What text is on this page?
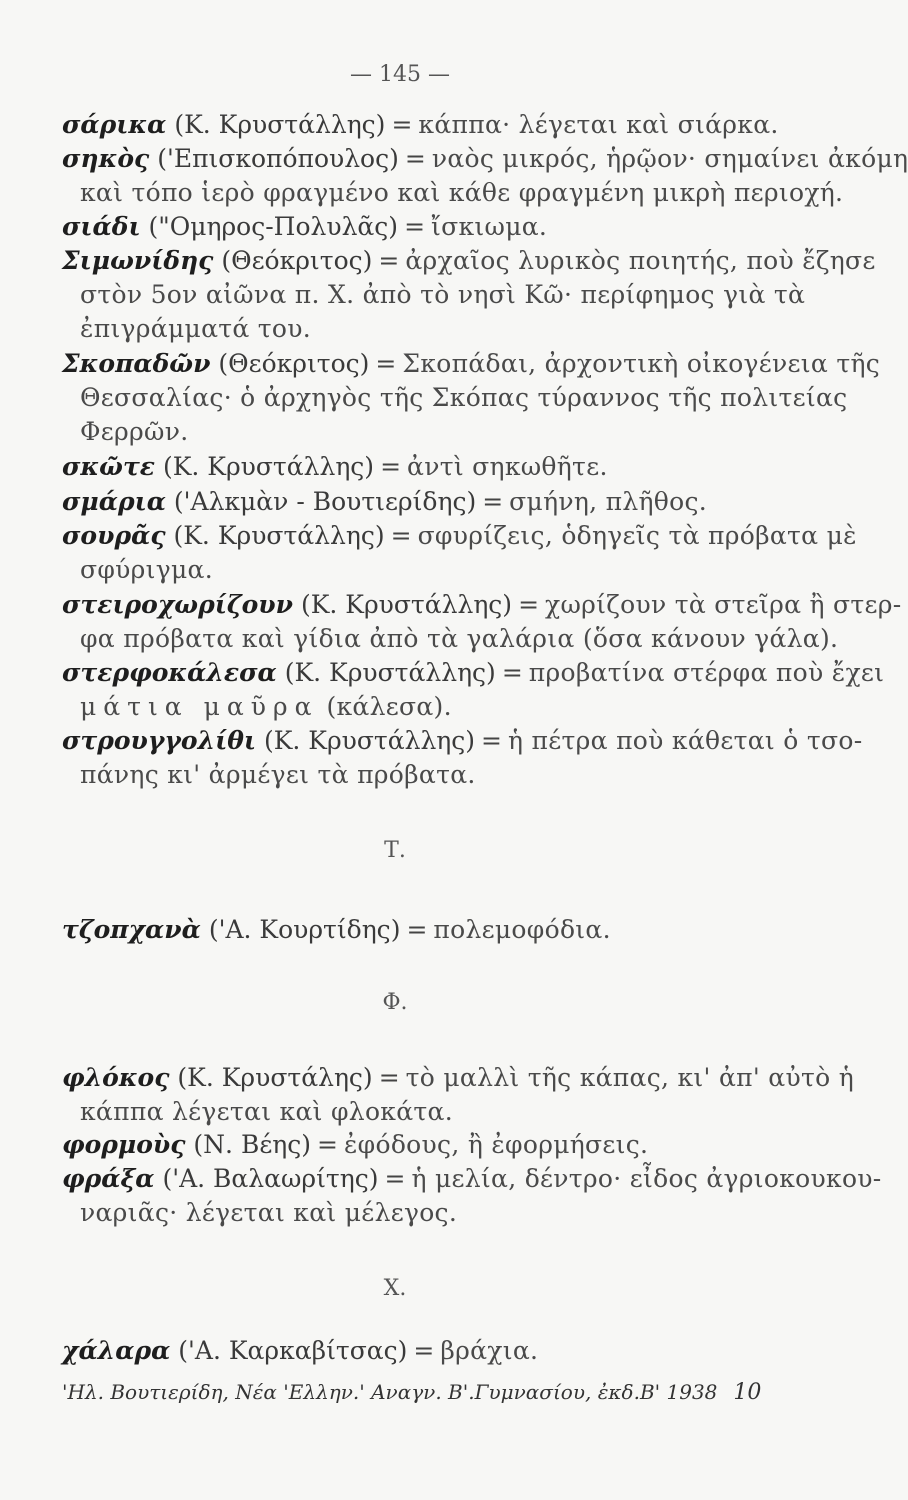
— 145 —
σάρικα (Κ. Κρυστάλλης) = κάππα· λέγεται καὶ σιάρκα.
σηκὸς ('Επισκοπόπουλος) = ναὸς μικρός, ἡρῷον· σημαίνει ἀκόμη
καὶ τόπο ἱερὸ φραγμένο καὶ κάθε φραγμένη μικρὴ περιοχή.
σιάδι ("Ομηρος-Πολυλᾶς) = ἴσκιωμα.
Σιμωνίδης (Θεόκριτος) = ἀρχαῖος λυρικὸς ποιητής, ποὺ ἔζησε
στὸν 5ον αἰῶνα π. Χ. ἀπὸ τὸ νησὶ Κῶ· περίφημος γιὰ τὰ
ἐπιγράμματά του.
Σκοπαδῶν (Θεόκριτος) = Σκοπάδαι, ἀρχοντικὴ οἰκογένεια τῆς
Θεσσαλίας· ὁ ἀρχηγὸς τῆς Σκόπας τύραννος τῆς πολιτείας
Φερρῶν.
σκῶτε (Κ. Κρυστάλλης) = ἀντὶ σηκωθῆτε.
σμάρια ('Αλκμὰν - Βουτιερίδης) = σμήνη, πλῆθος.
σουρᾶς (Κ. Κρυστάλλης) = σφυρίζεις, ὁδηγεῖς τὰ πρόβατα μὲ
σφύριγμα.
στειροχωρίζουν (Κ. Κρυστάλλης) = χωρίζουν τὰ στεῖρα ἢ στερ-
φα πρόβατα καὶ γίδια ἀπὸ τὰ γαλάρια (ὅσα κάνουν γάλα).
στερφοκάλεσα (Κ. Κρυστάλλης) = προβατίνα στέρφα ποὺ ἔχει
μάτια μαῦρα (κάλεσα).
στρουγγολίθι (Κ. Κρυστάλλης) = ἡ πέτρα ποὺ κάθεται ὁ τσο-
πάνης κι' ἀρμέγει τὰ πρόβατα.
Τ.
τζοπχανὰ ('Α. Κουρτίδης) = πολεμοφόδια.
Φ.
φλόκος (Κ. Κρυστάλης) = τὸ μαλλὶ τῆς κάπας, κι' ἀπ' αὐτὸ ἡ
κάππα λέγεται καὶ φλοκάτα.
φορμοὺς (Ν. Βέης) = ἐφόδους, ἢ ἐφορμήσεις.
φράξα ('Α. Βαλαωρίτης) = ἡ μελία, δέντρο· εἶδος ἀγριοκουκου-
ναριᾶς· λέγεται καὶ μέλεγος.
Χ.
χάλαρα ('Α. Καρκαβίτσας) = βράχια.
'Ηλ. Βουτιερίδη, Νέα 'Ελλην.' Αναγν. Β'.Γυμνασίου, ἐκδ.Β' 1938 10
